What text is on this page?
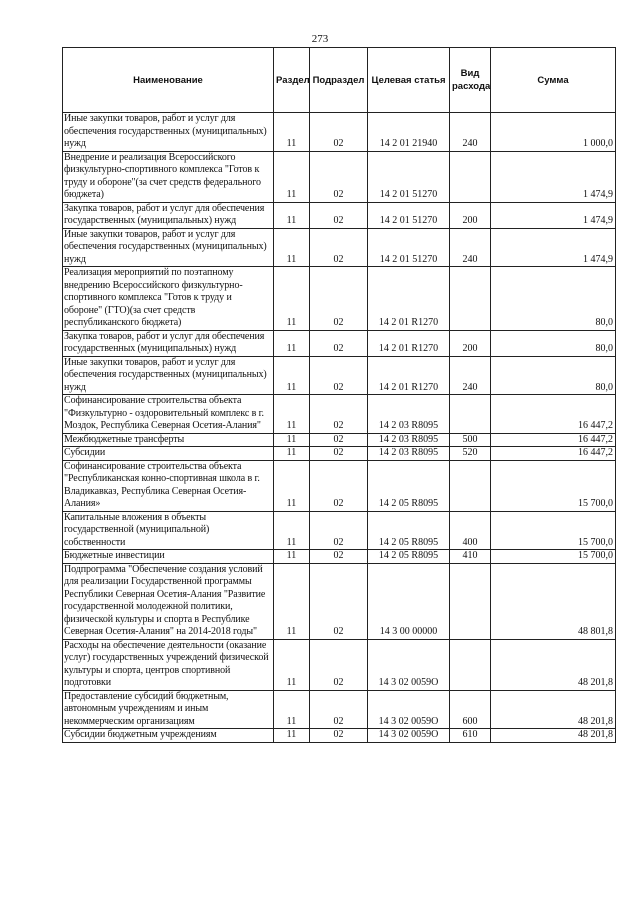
273
Наименование	Раздел	Подраздел	Целевая статья	Вид расхода	Сумма
Иные закупки товаров, работ и услуг для обеспечения государственных (муниципальных) нужд	11	02	14 2 01 21940	240	1 000,0
Внедрение и реализация Всероссийского физкультурно-спортивного комплекса "Готов к труду и обороне"(за счет средств федерального бюджета)	11	02	14 2 01 51270		1 474,9
Закупка товаров, работ и услуг для обеспечения государственных (муниципальных) нужд	11	02	14 2 01 51270	200	1 474,9
Иные закупки товаров, работ и услуг для обеспечения государственных (муниципальных) нужд	11	02	14 2 01 51270	240	1 474,9
Реализация мероприятий по поэтапному внедрению Всероссийского физкультурно-спортивного комплекса "Готов к труду и обороне" (ГТО)(за счет средств республиканского бюджета)	11	02	14 2 01 R1270		80,0
Закупка товаров, работ и услуг для обеспечения государственных (муниципальных) нужд	11	02	14 2 01 R1270	200	80,0
Иные закупки товаров, работ и услуг для обеспечения государственных (муниципальных) нужд	11	02	14 2 01 R1270	240	80,0
Софинансирование строительства объекта "Физкультурно - оздоровительный комплекс в г. Моздок, Республика Северная Осетия-Алания"	11	02	14 2 03 R8095		16 447,2
Межбюджетные трансферты	11	02	14 2 03 R8095	500	16 447,2
Субсидии	11	02	14 2 03 R8095	520	16 447,2
Софинансирование строительства объекта "Республиканская конно-спортивная школа в г. Владикавказ, Республика Северная Осетия-Алания»	11	02	14 2 05 R8095		15 700,0
Капитальные вложения в объекты государственной (муниципальной) собственности	11	02	14 2 05 R8095	400	15 700,0
Бюджетные инвестиции	11	02	14 2 05 R8095	410	15 700,0
Подпрограмма "Обеспечение создания условий для реализации Государственной программы Республики Северная Осетия-Алания "Развитие государственной молодежной политики, физической культуры и спорта в Республике Северная Осетия-Алания" на 2014-2018 годы"	11	02	14 3 00 00000		48 801,8
Расходы на обеспечение деятельности (оказание услуг) государственных учреждений физической культуры и спорта, центров спортивной подготовки	11	02	14 3 02 0059О		48 201,8
Предоставление субсидий бюджетным, автономным учреждениям и иным некоммерческим организациям	11	02	14 3 02 0059О	600	48 201,8
Субсидии бюджетным учреждениям	11	02	14 3 02 0059О	610	48 201,8
